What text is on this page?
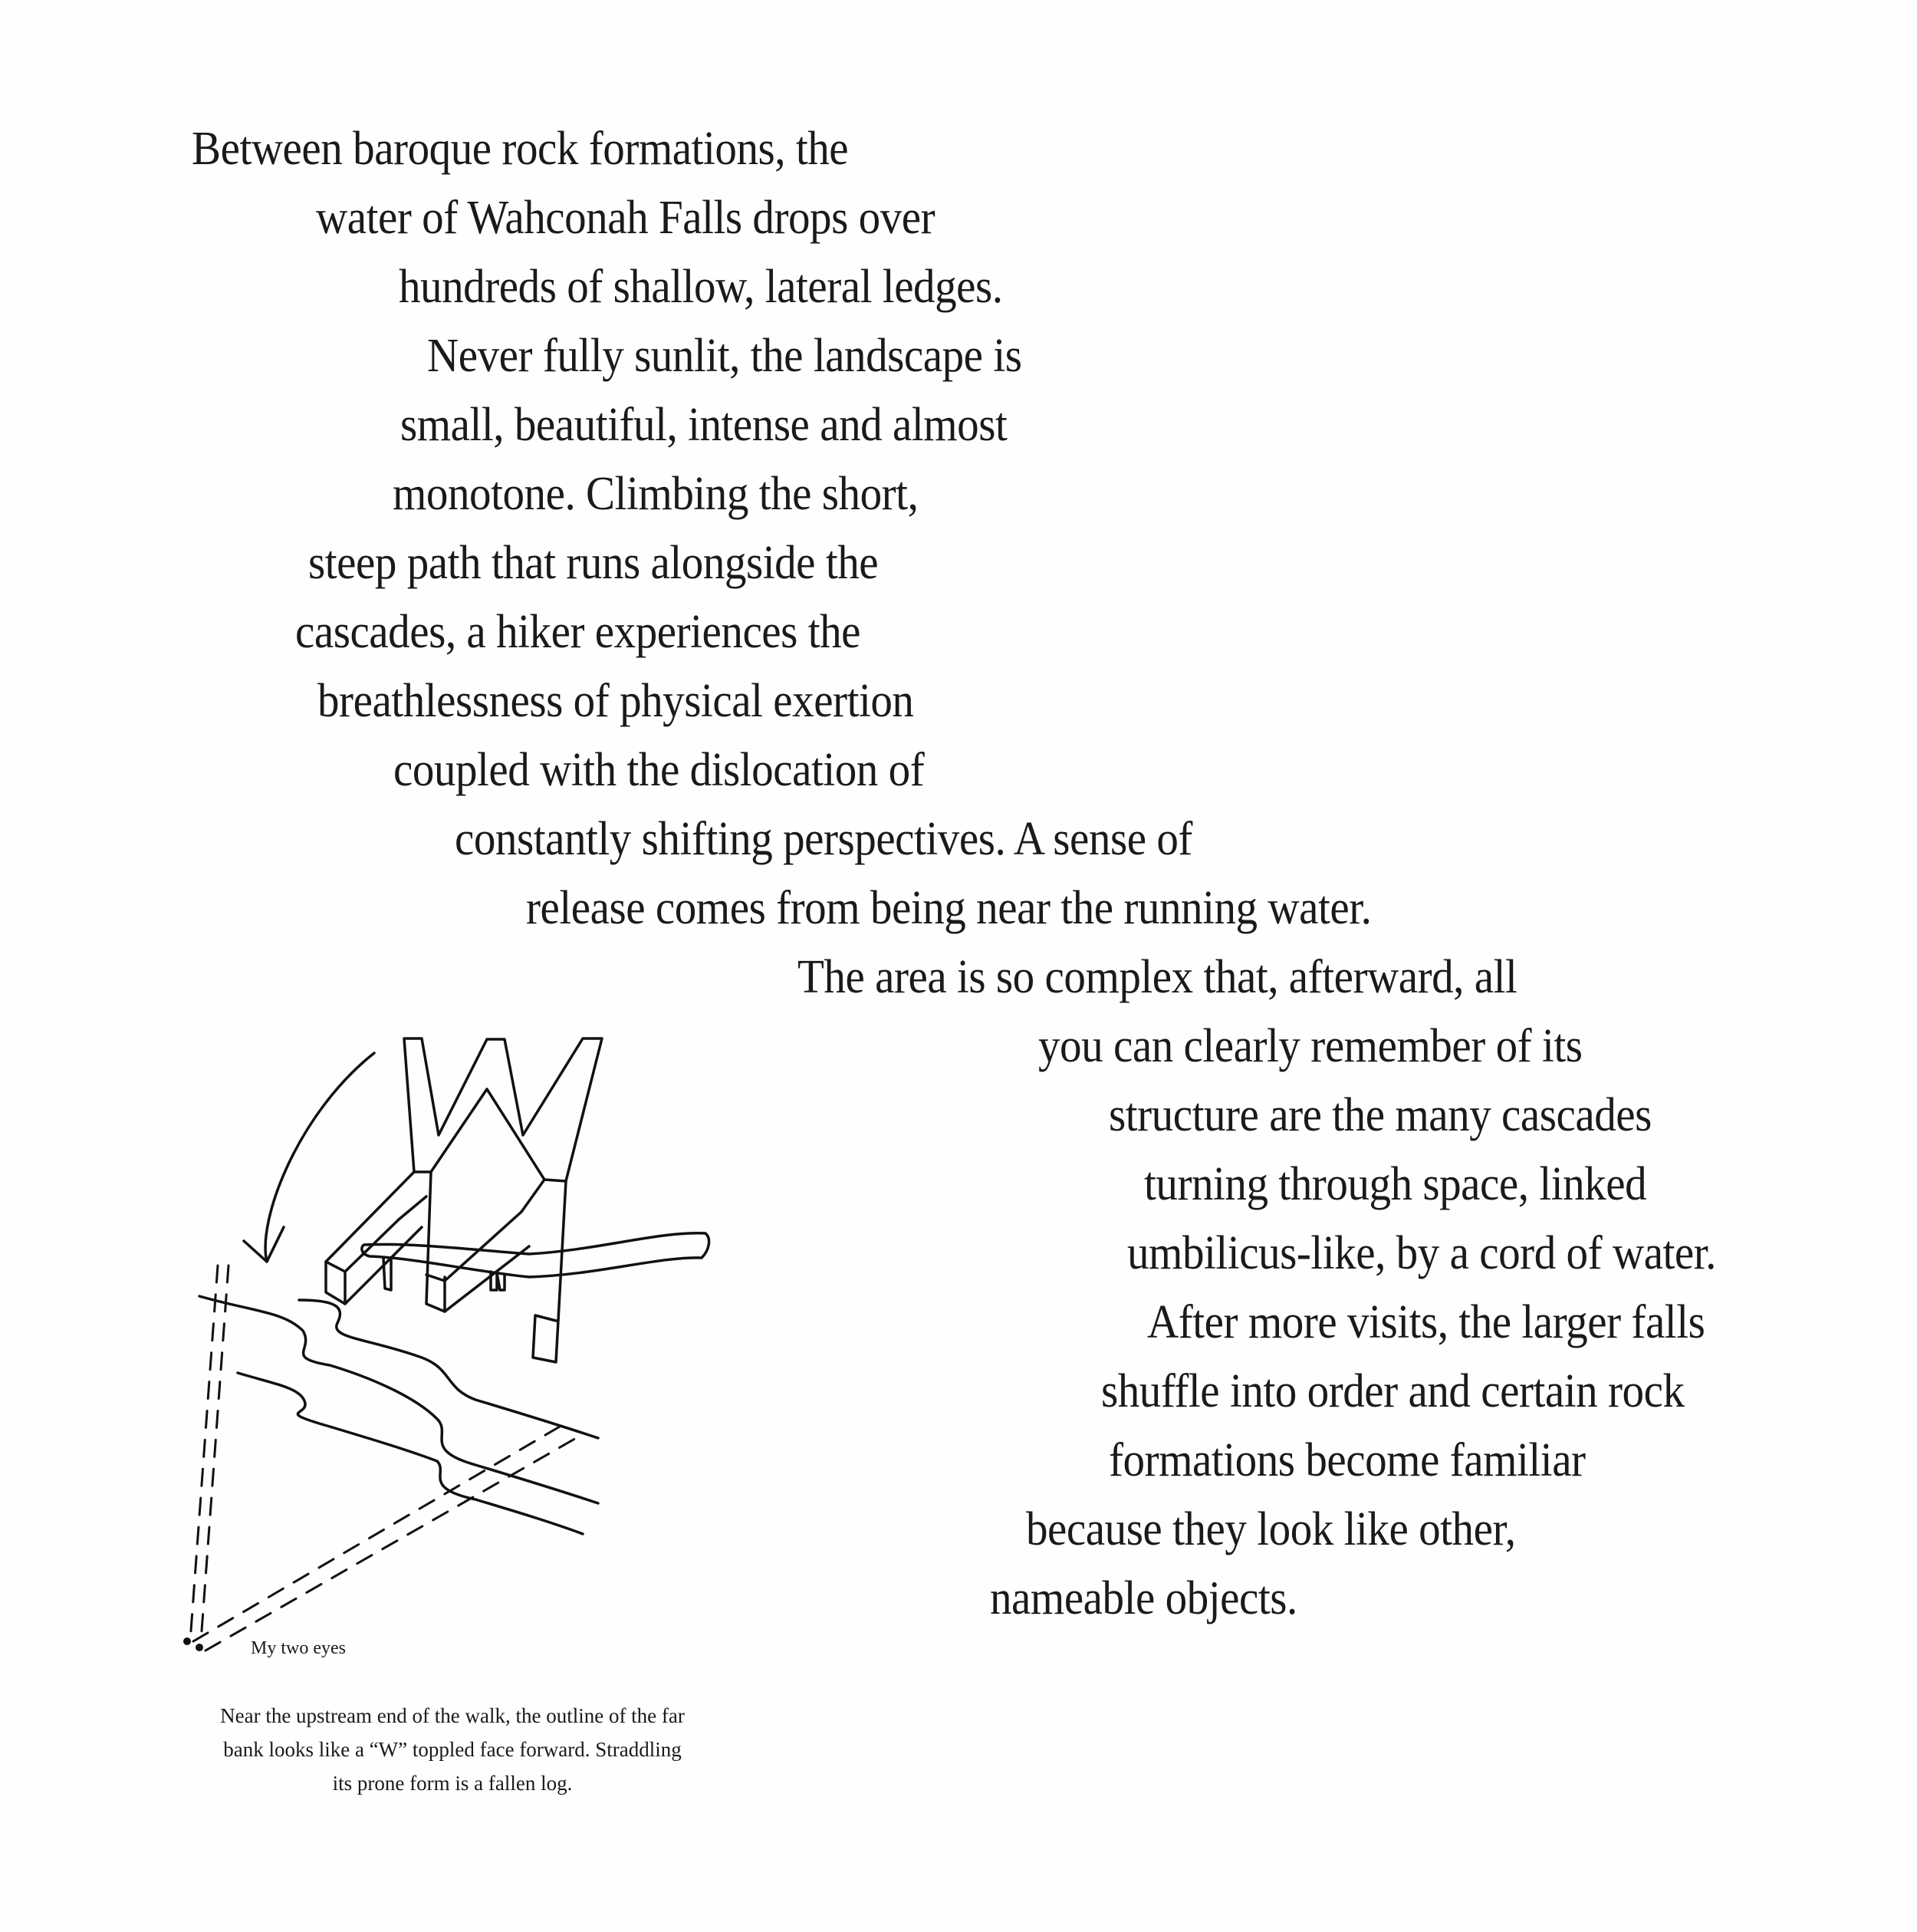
Between baroque rock formations, the
water of Wahconah Falls drops over
hundreds of shallow, lateral ledges.
Never fully sunlit, the landscape is
small, beautiful, intense and almost
monotone. Climbing the short,
steep path that runs alongside the
cascades, a hiker experiences the
breathlessness of physical exertion
coupled with the dislocation of
constantly shifting perspectives. A sense of
release comes from being near the running water.
The area is so complex that, afterward, all
you can clearly remember of its
structure are the many cascades
turning through space, linked
umbilicus-like, by a cord of water.
After more visits, the larger falls
shuffle into order and certain rock
formations become familiar
because they look like other,
nameable objects.
My two eyes
Near the upstream end of the walk, the outline of the far
bank looks like a “W” toppled face forward. Straddling
its prone form is a fallen log.
